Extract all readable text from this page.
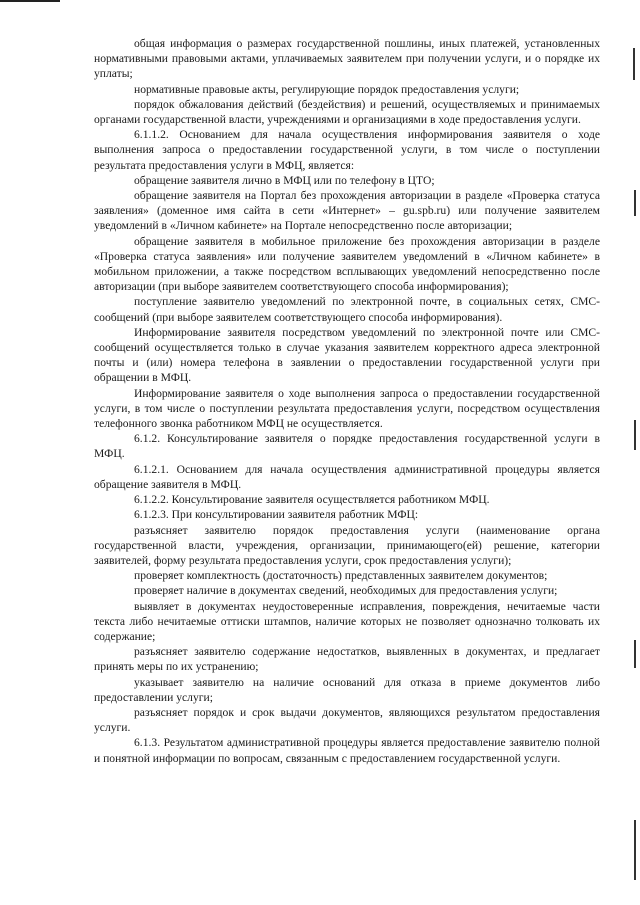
общая информация о размерах государственной пошлины, иных платежей, установленных нормативными правовыми актами, уплачиваемых заявителем при получении услуги, и о порядке их уплаты;

нормативные правовые акты, регулирующие порядок предоставления услуги;

порядок обжалования действий (бездействия) и решений, осуществляемых и принимаемых органами государственной власти, учреждениями и организациями в ходе предоставления услуги.

6.1.1.2. Основанием для начала осуществления информирования заявителя о ходе выполнения запроса о предоставлении государственной услуги, в том числе о поступлении результата предоставления услуги в МФЦ, является:

обращение заявителя лично в МФЦ или по телефону в ЦТО;

обращение заявителя на Портал без прохождения авторизации в разделе «Проверка статуса заявления» (доменное имя сайта в сети «Интернет» – gu.spb.ru) или получение заявителем уведомлений в «Личном кабинете» на Портале непосредственно после авторизации;

обращение заявителя в мобильное приложение без прохождения авторизации в разделе «Проверка статуса заявления» или получение заявителем уведомлений в «Личном кабинете» в мобильном приложении, а также посредством всплывающих уведомлений непосредственно после авторизации (при выборе заявителем соответствующего способа информирования);

поступление заявителю уведомлений по электронной почте, в социальных сетях, СМС-сообщений (при выборе заявителем соответствующего способа информирования).

Информирование заявителя посредством уведомлений по электронной почте или СМС-сообщений осуществляется только в случае указания заявителем корректного адреса электронной почты и (или) номера телефона в заявлении о предоставлении государственной услуги при обращении в МФЦ.

Информирование заявителя о ходе выполнения запроса о предоставлении государственной услуги, в том числе о поступлении результата предоставления услуги, посредством осуществления телефонного звонка работником МФЦ не осуществляется.

6.1.2. Консультирование заявителя о порядке предоставления государственной услуги в МФЦ.

6.1.2.1. Основанием для начала осуществления административной процедуры является обращение заявителя в МФЦ.

6.1.2.2. Консультирование заявителя осуществляется работником МФЦ.

6.1.2.3. При консультировании заявителя работник МФЦ:

разъясняет заявителю порядок предоставления услуги (наименование органа государственной власти, учреждения, организации, принимающего(ей) решение, категории заявителей, форму результата предоставления услуги, срок предоставления услуги);

проверяет комплектность (достаточность) представленных заявителем документов;

проверяет наличие в документах сведений, необходимых для предоставления услуги;

выявляет в документах неудостоверенные исправления, повреждения, нечитаемые части текста либо нечитаемые оттиски штампов, наличие которых не позволяет однозначно толковать их содержание;

разъясняет заявителю содержание недостатков, выявленных в документах, и предлагает принять меры по их устранению;

указывает заявителю на наличие оснований для отказа в приеме документов либо предоставлении услуги;

разъясняет порядок и срок выдачи документов, являющихся результатом предоставления услуги.

6.1.3. Результатом административной процедуры является предоставление заявителю полной и понятной информации по вопросам, связанным с предоставлением государственной услуги.
